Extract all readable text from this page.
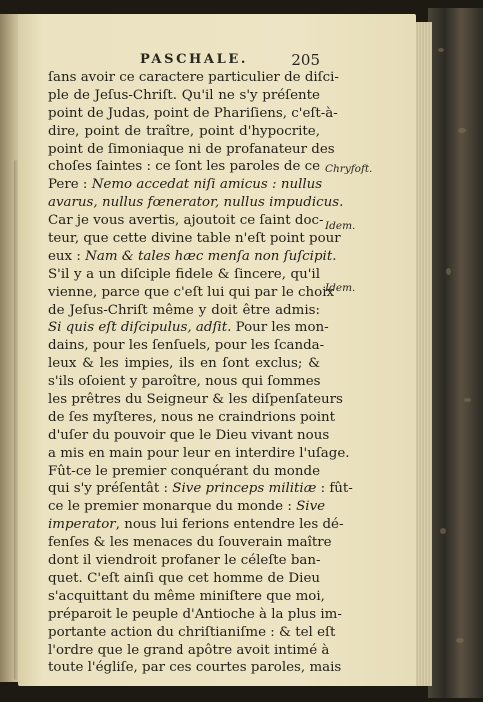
PASCHALE.	205
ſans avoir ce caractere particulier de diſci-
ple de Jeſus-Chriſt. Qu'il ne s'y préſente
point de Judas, point de Phariſiens, c'eſt-à-
dire, point de traître, point d'hypocrite,
point de ſimoniaque ni de profanateur des
choſes ſaintes : ce ſont les paroles de ce
Pere : Nemo accedat niſi amicus : nullus
avarus, nullus fœnerator, nullus impudicus.
Car je vous avertis, ajoutoit ce ſaint doc-
teur, que cette divine table n'eſt point pour
eux : Nam & tales hæc menſa non ſuſcipit.
S'il y a un diſciple fidele & ſincere, qu'il
vienne, parce que c'eſt lui qui par le choix
de Jeſus-Chriſt même y doit être admis:
Si quis eſt diſcipulus, adſit. Pour les mon-
dains, pour les ſenſuels, pour les ſcanda-
leux & les impies, ils en ſont exclus; &
s'ils oſoient y paroître, nous qui ſommes
les prêtres du Seigneur & les diſpenſateurs
de ſes myſteres, nous ne craindrions point
d'uſer du pouvoir que le Dieu vivant nous
a mis en main pour leur en interdire l'uſage.
Fût-ce le premier conquérant du monde
qui s'y préſentât : Sive princeps militiæ : fût-
ce le premier monarque du monde : Sive
imperator, nous lui ferions entendre les dé-
fenſes & les menaces du ſouverain maître
dont il viendroit profaner le céleſte ban-
quet. C'eſt ainſi que cet homme de Dieu
s'acquittant du même miniſtere que moi,
préparoit le peuple d'Antioche à la plus im-
portante action du chriſtianiſme : & tel eſt
l'ordre que le grand apôtre avoit intimé à
toute l'égliſe, par ces courtes paroles, mais
Chryfoft.
Idem.
Idem.
